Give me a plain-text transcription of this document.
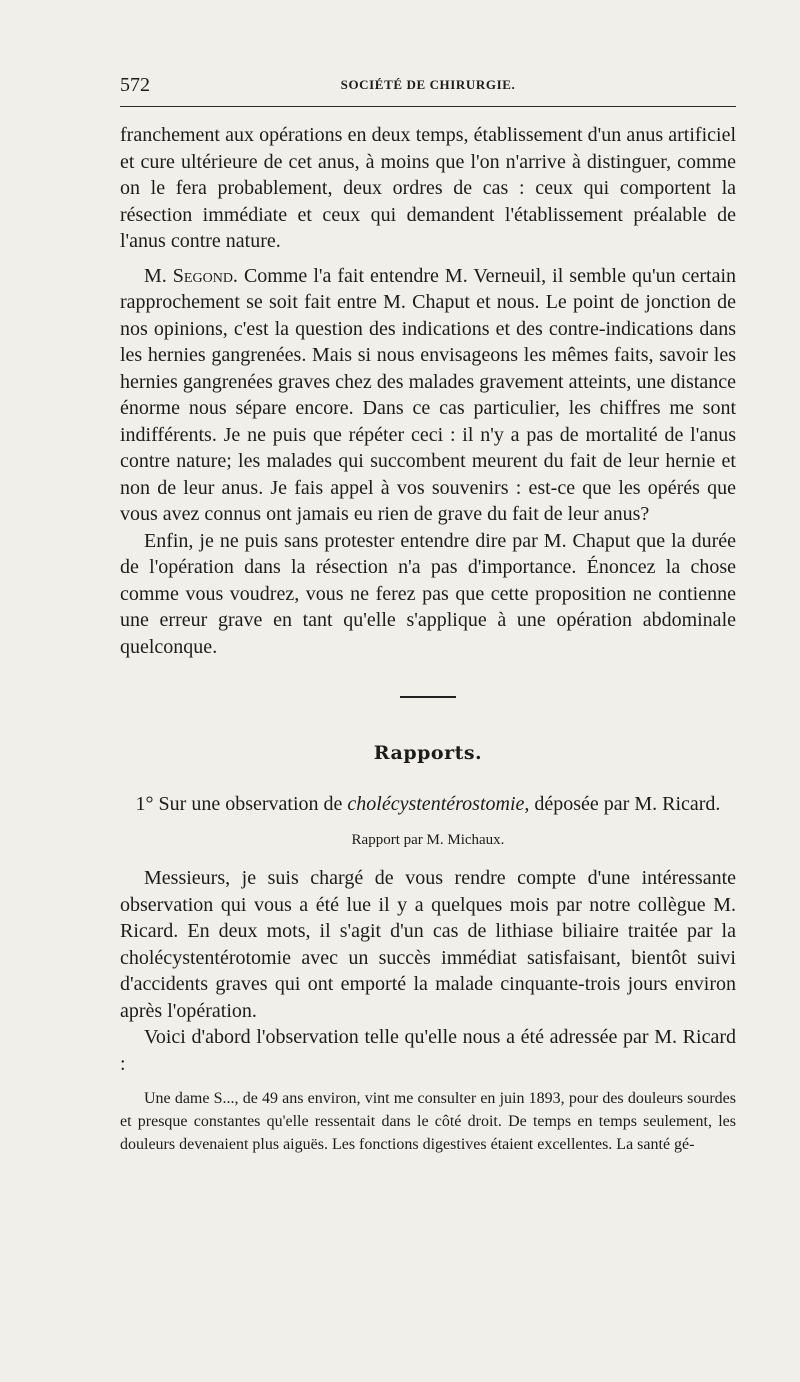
572	SOCIÉTÉ DE CHIRURGIE.

franchement aux opérations en deux temps, établissement d'un anus artificiel et cure ultérieure de cet anus, à moins que l'on n'arrive à distinguer, comme on le fera probablement, deux ordres de cas : ceux qui comportent la résection immédiate et ceux qui demandent l'établissement préalable de l'anus contre nature.

M. Segond. Comme l'a fait entendre M. Verneuil, il semble qu'un certain rapprochement se soit fait entre M. Chaput et nous. Le point de jonction de nos opinions, c'est la question des indications et des contre-indications dans les hernies gangrenées. Mais si nous envisageons les mêmes faits, savoir les hernies gangrenées graves chez des malades gravement atteints, une distance énorme nous sépare encore. Dans ce cas particulier, les chiffres me sont indifférents. Je ne puis que répéter ceci : il n'y a pas de mortalité de l'anus contre nature; les malades qui succombent meurent du fait de leur hernie et non de leur anus. Je fais appel à vos souvenirs : est-ce que les opérés que vous avez connus ont jamais eu rien de grave du fait de leur anus?

Enfin, je ne puis sans protester entendre dire par M. Chaput que la durée de l'opération dans la résection n'a pas d'importance. Énoncez la chose comme vous voudrez, vous ne ferez pas que cette proposition ne contienne une erreur grave en tant qu'elle s'applique à une opération abdominale quelconque.

Rapports.
1° Sur une observation de cholécystentérostomie, déposée par M. Ricard.
Rapport par M. Michaux.

Messieurs, je suis chargé de vous rendre compte d'une intéressante observation qui vous a été lue il y a quelques mois par notre collègue M. Ricard. En deux mots, il s'agit d'un cas de lithiase biliaire traitée par la cholécystentérotomie avec un succès immédiat satisfaisant, bientôt suivi d'accidents graves qui ont emporté la malade cinquante-trois jours environ après l'opération.

Voici d'abord l'observation telle qu'elle nous a été adressée par M. Ricard :

Une dame S..., de 49 ans environ, vint me consulter en juin 1893, pour des douleurs sourdes et presque constantes qu'elle ressentait dans le côté droit. De temps en temps seulement, les douleurs devenaient plus aiguës. Les fonctions digestives étaient excellentes. La santé gé-
